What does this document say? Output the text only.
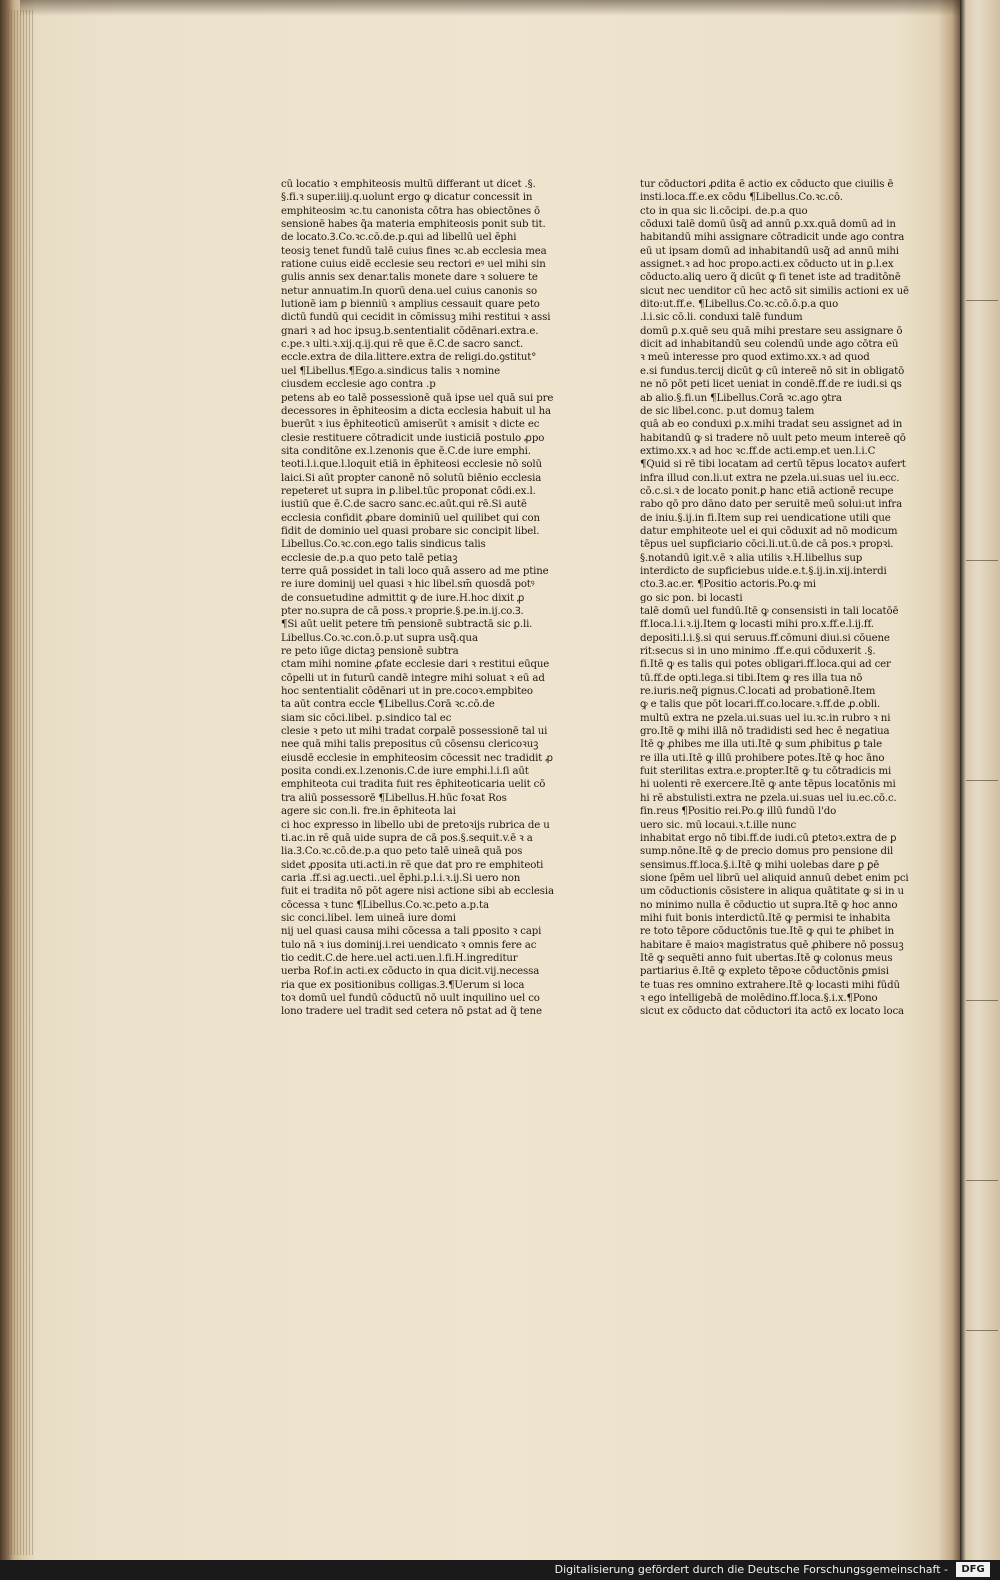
cū locatio ꝛ emphiteosis multū differant ut dicet .§.
§.fi.ꝛ super.iiij.q.uolunt ergo ꝙ dicatur concessit in
emphiteosim ꝛc.tu canonista cōtra has obiectōnes ō
sensionē habes q̃a materia emphiteosis ponit̄ sub tit.
de locato.Ꝫ.Co.ꝛc.cō.de.p.qui ad libellū uel ēphi
teosiꝫ tenet fundū talē cuius fines ꝛc.ab ecclesia mea
ratione cuius eidē ecclesie seu rectori eꝰ uel mihi sin
gulis annis sex denar.talis monete dare ꝛ soluere te
netur annuatim.In quorū dena.uel cuius canonis so
lutionē iam ꝑ bienniū ꝛ amplius cessauit quare peto
dictū fundū qui cecidit in cōmissuꝫ mihi restitui ꝛ assi
gnari ꝛ ad hoc ipsuꝫ.b.sententialit̄ cōdēnari.extra.e.
c.pe.ꝛ ulti.ꝛ.xij.q.ij.qui rē que ē.C.de sacro sanct.
eccle.extra de dila.littere.extra de religi.do.ꝯstitut°
uel ¶Libellus.¶Ego.a.sindicus talis ꝛ nomine
ciusdem ecclesie ago contra .p
petens ab eo talē possessionē quā ipse uel quā sui pre
decessores in ēphiteosim a dicta ecclesia habuit ul̄ ha
buerūt ꝛ ius ēphiteoticū amiserūt ꝛ amisit ꝛ dicte ec
clesie restituere cōtradicit unde iusticiā postulo ꝓpo
sita conditōne ex.l.zenonis que ē.C.de iure emphi.
teoti.l.i.que.l.loquit̄ etiā in ēphiteosi ecclesie nō solū
laici.Si aūt propter canonē nō solutū biēnio ecclesia
repeteret ut supra in ꝑ.libel.tūc proponat cōdi.ex.l.
iustiū que ē.C.de sacro sanc.ec.aūt.qui rē.Si autē
ecclesia confidit ꝓbare dominiū uel quilibet qui con
fidit de dominio uel quasi probare sic concipit̄ libel.
Libellus.Co.ꝛc.con.ego talis sindicus talis
ecclesie de.p.a quo peto talē petiaꝫ
terre quā possidet in tali loco quā assero ad me ptine
re iure dominij uel quasi ꝛ hic libel.sm̄ quosdā potꝰ
de consuetudine admittit̄ ꝙ de iure.H.hoc dixit ꝓ
pter no.supra de cā poss.ꝛ proprie.§.pe.in.ij.co.Ꝫ.
¶Si aūt uelit petere tm̄ pensionē subtractā sic ꝑ.li.
Libellus.Co.ꝛc.con.ō.p.ut supra usq̃.qua
re peto iūge dictaꝫ pensionē subtra
ctam mihi nomine ꝓfate ecclesie dari ꝛ restitui eūque
cōpelli ut in futurū candē integre mihi soluat ꝛ eū ad
hoc sententialit̄ cōdēnari ut in pre.cocoꝛ.empbiteo
ta aūt contra eccle ¶Libellus.Corā ꝛc.cō.de
siam sic cōci.libel. p.sindico tal̄ ec
clesie ꝛ peto ut mihi tradat corꝑalē possessionē tal̄ ui
nee quā mihi talis prepositus cū cōsensu clericoꝛuꝫ
eiusdē ecclesie in emphiteosim cōcessit nec tradidit ꝓ
posita condi.ex.l.zenonis.C.de iure emphi.l.i.ſi aūt
emphiteota cui tradita fuit res ēphiteoticaria uelit cō
tra aliū possessorē ¶Libellus.H.hūc foꝛat Ros
agere sic con.li. fre.in ēphiteota lai
ci hoc expresso in libello ubi de pretoꝛijs rubrica de u
ti.ac.in rē quā uide supra de cā pos.§.sequit̄.v.ē ꝛ a
lia.Ꝫ.Co.ꝛc.cō.de.p.a quo peto talē uineā quā pos
sidet ꝓposita uti.acti.in rē que dat̄ pro re emphiteoti
caria .ff.si ag.uecti..uel ēphi.p.l.i.ꝛ.ij.Si uero non
fuit ei tradita nō pōt agere nisi actione sibi ab ecclesia
cōcessa ꝛ tunc ¶Libellus.Co.ꝛc.peto a.p.ta
sic conci.libel. lem uineā iure domi
nij uel quasi causa mihi cōcessa a tali ꝑposito ꝛ capi
tulo nā ꝛ ius dominij.i.rei uendicato ꝛ omnis fere ac
tio cedit.C.de here.uel acti.uen.l.fi.H.ingreditur
uerba Rof.in acti.ex cōducto in qua dicit.vij.necessa
ria que ex positionibus colligas.Ꝫ.¶Uerum si loca
toꝛ domū uel fundū cōductū nō uult inquilino uel co
lono tradere uel tradit sed cetera nō ꝑstat ad q̃ tene
tur cōductori ꝓdita ē actio ex cōducto que ciuilis ē
insti.loca.ff.e.ex cōdu ¶Libellus.Co.ꝛc.cō.
cto in qua sic li.cōcipi. de.p.a quo
cōduxi talē domū ūsq̃ ad annū ꝑ.xx.quā domū ad in
habitandū mihi assignare cōtradicit unde ago contra
eū ut ipsam domū ad inhabitandū usq̃ ad annū mihi
assignet.ꝛ ad hoc propo.acti.ex cōducto ut in ꝑ.l.ex
cōducto.aliꝗ uero q̃ dicūt ꝙ fi tenet̄ iste ad traditōnē
sicut nec uenditor cū hec actō sit similis actioni ex uē
dito:ut.ff.e. ¶Libellus.Co.ꝛc.cō.ō.p.a quo
.l.i.sic cō.li. conduxi talē fundum
domū ꝑ.x.quē seu quā mihi prestare seu assignare ō
dicit ad inhabitandū seu colendū unde ago cōtra eū
ꝛ meū interesse pro quod extimo.xx.ꝛ ad quod
e.si fundus.tercij dicūt ꝙ cū intereē nō sit in obligatō
ne nō pōt peti licet ueniat in condē.ff.de re iudi.si ꝗs
ab alio.§.fi.un ¶Libellus.Corā ꝛc.ago ꝯtra
de sic libel.conc. p.ut domuꝫ talem
quā ab eo conduxi ꝑ.x.mihi tradat seu assignet ad in
habitandū ꝙ si tradere nō uult peto meum intereē qō
extimo.xx.ꝛ ad hoc ꝛc.ff.de acti.emp.et uen.l.i.C
¶Quid si rē tibi locatam ad certū tēpus locatoꝛ aufert
infra illud con.li.ut extra ne ꝑzela.ui.suas uel iu.ecc.
cō.c.si.ꝛ de locato ponit.ꝑ hanc etiā actionē recupe
rabo qō pro dāno dato per seruitē meū solui:ut infra
de iniu.§.ij.in fi.Item sup rei uendicatione utili que
datur emphiteote uel ei qui cōduxit ad nō modicum
tēpus uel supficiario cōci.li.ut.ū.de cā pos.ꝛ propꝛi.
§.notandū igit̄.v.ē ꝛ alia utilis ꝛ.H.libellus sup
interdicto de supficiebus uide.e.t.§.ij.in.xij.interdi
cto.Ꝫ.ac.er. ¶Positio actoris.Po.ꝙ mi
go sic pon. bi locasti
talē domū uel fundū.Itē ꝙ consensisti in tali locatōē
ff.loca.l.i.ꝛ.ij.Item ꝙ locasti mihi pro.x.ff.e.l.ij.ff.
depositi.l.i.§.si qui seruus.ff.cōmuni diui.si cōuene
rit:secus si in uno minimo .ff.e.qui cōduxerit .§.
fi.Itē ꝙ es talis qui potes obligari.ff.loca.qui ad cer
tū.ff.de opti.lega.si tibi.Item ꝙ res illa tua nō
re.iuris.neq̃ pignus.C.locati ad probationē.Item
ꝙ e talis que pōt locari.ff.co.locare.ꝛ.ff.de ꝓ.obli.
multū extra ne ꝑzela.ui.suas uel iu.ꝛc.in rubro ꝛ ni
gro.Itē ꝙ mihi illā nō tradidisti sed hec ē negatiua
Itē ꝙ ꝓhibes me illa uti.Itē ꝙ sum ꝓhibitus ꝑ tale
re illa uti.Itē ꝙ illū prohibere potes.Itē ꝙ hoc āno
fuit sterilitas extra.e.propter.Itē ꝙ tu cōtradicis mi
hi uolenti rē exercere.Itē ꝙ ante tēpus locatōnis mi
hi rē abstulisti.extra ne ꝑzela.ui.suas uel iu.ec.cō.c.
fin.reus ¶Positio rei.Po.ꝙ illū fundū l'do
uero sic. mū locaui.ꝛ.t.ille nunc
inhabitat ergo nō tibi.ff.de iudi.cū ꝑtetoꝛ.extra de ꝑ
sump.nōne.Itē ꝙ de precio domus pro pensione dil
sensimus.ff.loca.§.i.Itē ꝙ mihi uolebas dare ꝑ ꝑē
sione ſpēm uel librū uel aliquid annuū debet enim pci
um cōductionis cōsistere in aliqua quātitate ꝙ si in u
no minimo nulla ē cōductio ut supra.Itē ꝙ hoc anno
mihi fuit bonis interdictū.Itē ꝙ permisi te inhabita
re toto tēpore cōductōnis tue.Itē ꝙ qui te ꝓhibet in
habitare ē maioꝛ magistratus quē ꝓhibere nō possuꝫ
Itē ꝙ sequēti anno fuit ubertas.Itē ꝙ colonus meus
partiarius ē.Itē ꝙ expleto tēpoꝛe cōductōnis ꝑmisi
te tuas res omnino extrahere.Itē ꝙ locasti mihi fūdū
ꝛ ego intelligebā de molēdino.ff.loca.§.i.x.¶Pono
sicut ex cōducto dat̄ cōductori ita actō ex locato loca
Digitalisierung gefördert durch die Deutsche Forschungsgemeinschaft -	DFG
